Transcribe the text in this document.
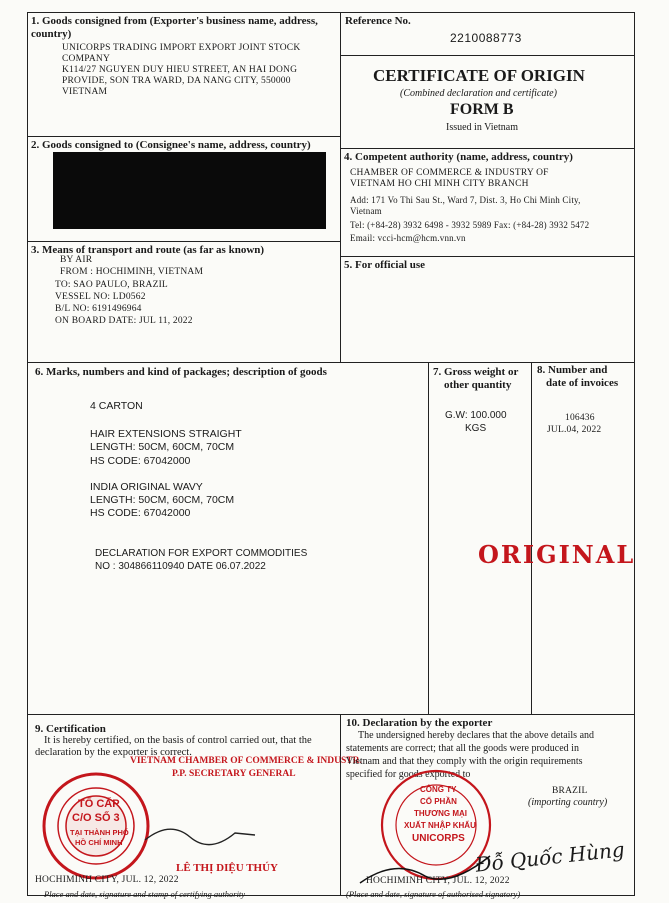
1. Goods consigned from (Exporter's business name, address, country)
UNICORPS TRADING IMPORT EXPORT JOINT STOCK COMPANY
K114/27 NGUYEN DUY HIEU STREET, AN HAI DONG
PROVIDE, SON TRA WARD, DA NANG CITY, 550000
VIETNAM
Reference No.
2210088773
CERTIFICATE OF ORIGIN
(Combined declaration and certificate)
FORM B
Issued in Vietnam
2. Goods consigned to (Consignee's name, address, country)
4. Competent authority (name, address, country)
CHAMBER OF COMMERCE & INDUSTRY OF
VIETNAM HO CHI MINH CITY BRANCH
Add: 171 Vo Thi Sau St., Ward 7, Dist. 3, Ho Chi Minh City,
Vietnam
Tel: (+84-28) 3932 6498 - 3932 5989 Fax: (+84-28) 3932 5472
Email: vcci-hcm@hcm.vnn.vn
3. Means of transport and route (as far as known)
BY AIR
FROM : HOCHIMINH, VIETNAM
TO: SAO PAULO, BRAZIL
VESSEL NO: LD0562
B/L NO: 6191496964
ON BOARD DATE: JUL 11, 2022
5. For official use
6. Marks, numbers and kind of packages; description of goods
4 CARTON
HAIR EXTENSIONS STRAIGHT
LENGTH: 50CM, 60CM, 70CM
HS CODE: 67042000
INDIA ORIGINAL WAVY
LENGTH: 50CM, 60CM, 70CM
HS CODE: 67042000
DECLARATION FOR EXPORT COMMODITIES
NO : 304866110940 DATE 06.07.2022
7. Gross weight or
other quantity
G.W: 100.000
KGS
8. Number and
date of invoices
106436
JUL.04, 2022
ORIGINAL
9. Certification
It is hereby certified, on the basis of control carried out, that the
declaration by the exporter is correct.
VIETNAM CHAMBER OF COMMERCE & INDUSTR.
P.P. SECRETARY GENERAL
TỔ CẤP
C/O SỐ 3
TẠI THÀNH PHỐ
HỒ CHÍ MINH
LÊ THỊ DIỆU THÚY
HOCHIMINH CITY, JUL. 12, 2022
Place and date, signature and stamp of certifying authority
10. Declaration by the exporter
The undersigned hereby declares that the above details and
statements are correct; that all the goods were produced in
Vietnam and that they comply with the origin requirements
specified for goods exported to
BRAZIL
(importing country)
CÔNG TY
CỔ PHẦN
THƯƠNG MẠI
XUẤT NHẬP KHẨU
UNICORPS Đỗ Quốc Hùng
HOCHIMINH CITY, JUL. 12, 2022
(Place and date, signature of authorised signatory)
